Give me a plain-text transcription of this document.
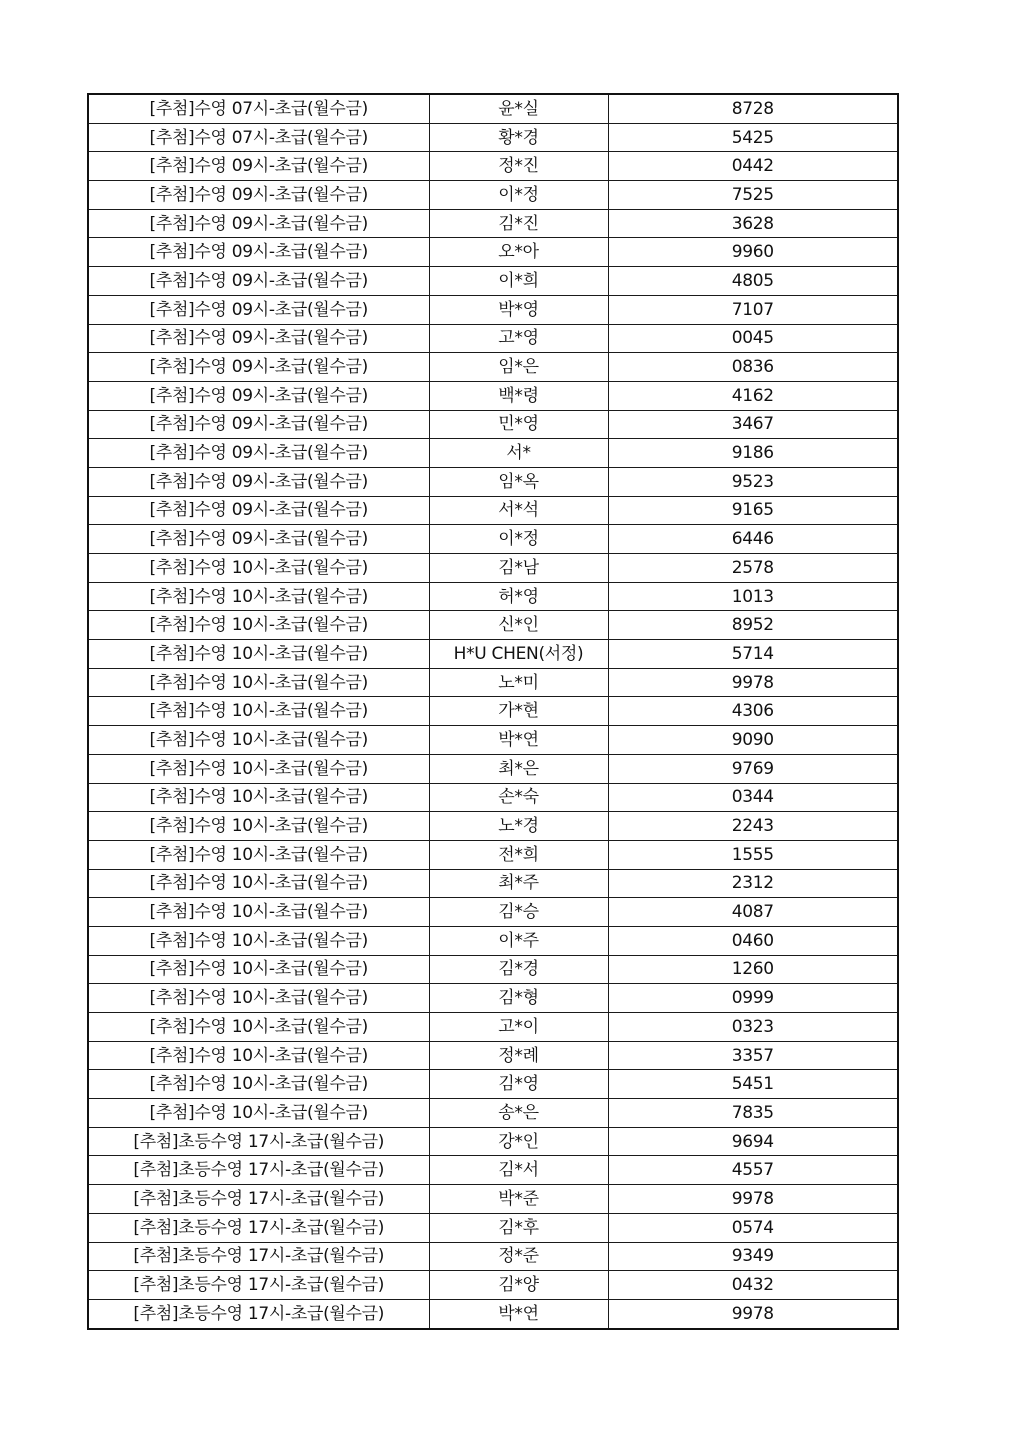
[추첨]수영 07시-초급(월수금)	윤*실	8728
[추첨]수영 07시-초급(월수금)	황*경	5425
[추첨]수영 09시-초급(월수금)	정*진	0442
[추첨]수영 09시-초급(월수금)	이*정	7525
[추첨]수영 09시-초급(월수금)	김*진	3628
[추첨]수영 09시-초급(월수금)	오*아	9960
[추첨]수영 09시-초급(월수금)	이*희	4805
[추첨]수영 09시-초급(월수금)	박*영	7107
[추첨]수영 09시-초급(월수금)	고*영	0045
[추첨]수영 09시-초급(월수금)	임*은	0836
[추첨]수영 09시-초급(월수금)	백*령	4162
[추첨]수영 09시-초급(월수금)	민*영	3467
[추첨]수영 09시-초급(월수금)	서*	9186
[추첨]수영 09시-초급(월수금)	임*옥	9523
[추첨]수영 09시-초급(월수금)	서*석	9165
[추첨]수영 09시-초급(월수금)	이*정	6446
[추첨]수영 10시-초급(월수금)	김*남	2578
[추첨]수영 10시-초급(월수금)	허*영	1013
[추첨]수영 10시-초급(월수금)	신*인	8952
[추첨]수영 10시-초급(월수금)	H*U CHEN(서정)	5714
[추첨]수영 10시-초급(월수금)	노*미	9978
[추첨]수영 10시-초급(월수금)	가*현	4306
[추첨]수영 10시-초급(월수금)	박*연	9090
[추첨]수영 10시-초급(월수금)	최*은	9769
[추첨]수영 10시-초급(월수금)	손*숙	0344
[추첨]수영 10시-초급(월수금)	노*경	2243
[추첨]수영 10시-초급(월수금)	전*희	1555
[추첨]수영 10시-초급(월수금)	최*주	2312
[추첨]수영 10시-초급(월수금)	김*승	4087
[추첨]수영 10시-초급(월수금)	이*주	0460
[추첨]수영 10시-초급(월수금)	김*경	1260
[추첨]수영 10시-초급(월수금)	김*형	0999
[추첨]수영 10시-초급(월수금)	고*이	0323
[추첨]수영 10시-초급(월수금)	정*례	3357
[추첨]수영 10시-초급(월수금)	김*영	5451
[추첨]수영 10시-초급(월수금)	송*은	7835
[추첨]초등수영 17시-초급(월수금)	강*인	9694
[추첨]초등수영 17시-초급(월수금)	김*서	4557
[추첨]초등수영 17시-초급(월수금)	박*준	9978
[추첨]초등수영 17시-초급(월수금)	김*후	0574
[추첨]초등수영 17시-초급(월수금)	정*준	9349
[추첨]초등수영 17시-초급(월수금)	김*양	0432
[추첨]초등수영 17시-초급(월수금)	박*연	9978
